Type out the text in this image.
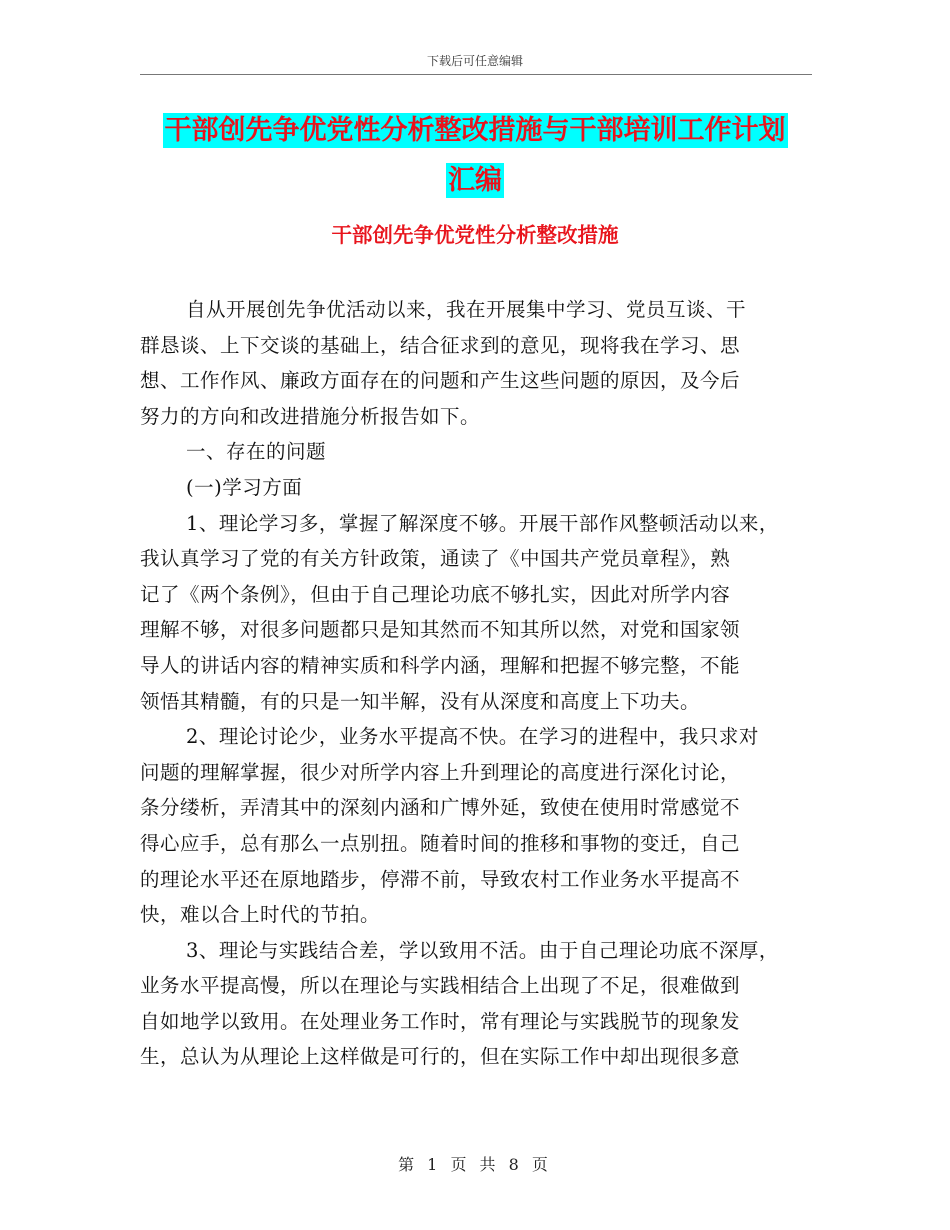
下载后可任意编辑
干部创先争优党性分析整改措施与干部培训工作计划
汇编
干部创先争优党性分析整改措施
自从开展创先争优活动以来，我在开展集中学习、党员互谈、干
群恳谈、上下交谈的基础上，结合征求到的意见，现将我在学习、思
想、工作作风、廉政方面存在的问题和产生这些问题的原因，及今后
努力的方向和改进措施分析报告如下。
一、存在的问题
(一)学习方面
1、理论学习多，掌握了解深度不够。开展干部作风整顿活动以来，
我认真学习了党的有关方针政策，通读了《中国共产党员章程》，熟
记了《两个条例》，但由于自己理论功底不够扎实，因此对所学内容
理解不够，对很多问题都只是知其然而不知其所以然，对党和国家领
导人的讲话内容的精神实质和科学内涵，理解和把握不够完整，不能
领悟其精髓，有的只是一知半解，没有从深度和高度上下功夫。
2、理论讨论少，业务水平提高不快。在学习的进程中，我只求对
问题的理解掌握，很少对所学内容上升到理论的高度进行深化讨论，
条分缕析，弄清其中的深刻内涵和广博外延，致使在使用时常感觉不
得心应手，总有那么一点别扭。随着时间的推移和事物的变迁，自己
的理论水平还在原地踏步，停滞不前，导致农村工作业务水平提高不
快，难以合上时代的节拍。
3、理论与实践结合差，学以致用不活。由于自己理论功底不深厚，
业务水平提高慢，所以在理论与实践相结合上出现了不足，很难做到
自如地学以致用。在处理业务工作时，常有理论与实践脱节的现象发
生，总认为从理论上这样做是可行的，但在实际工作中却出现很多意
第 1 页 共 8 页
